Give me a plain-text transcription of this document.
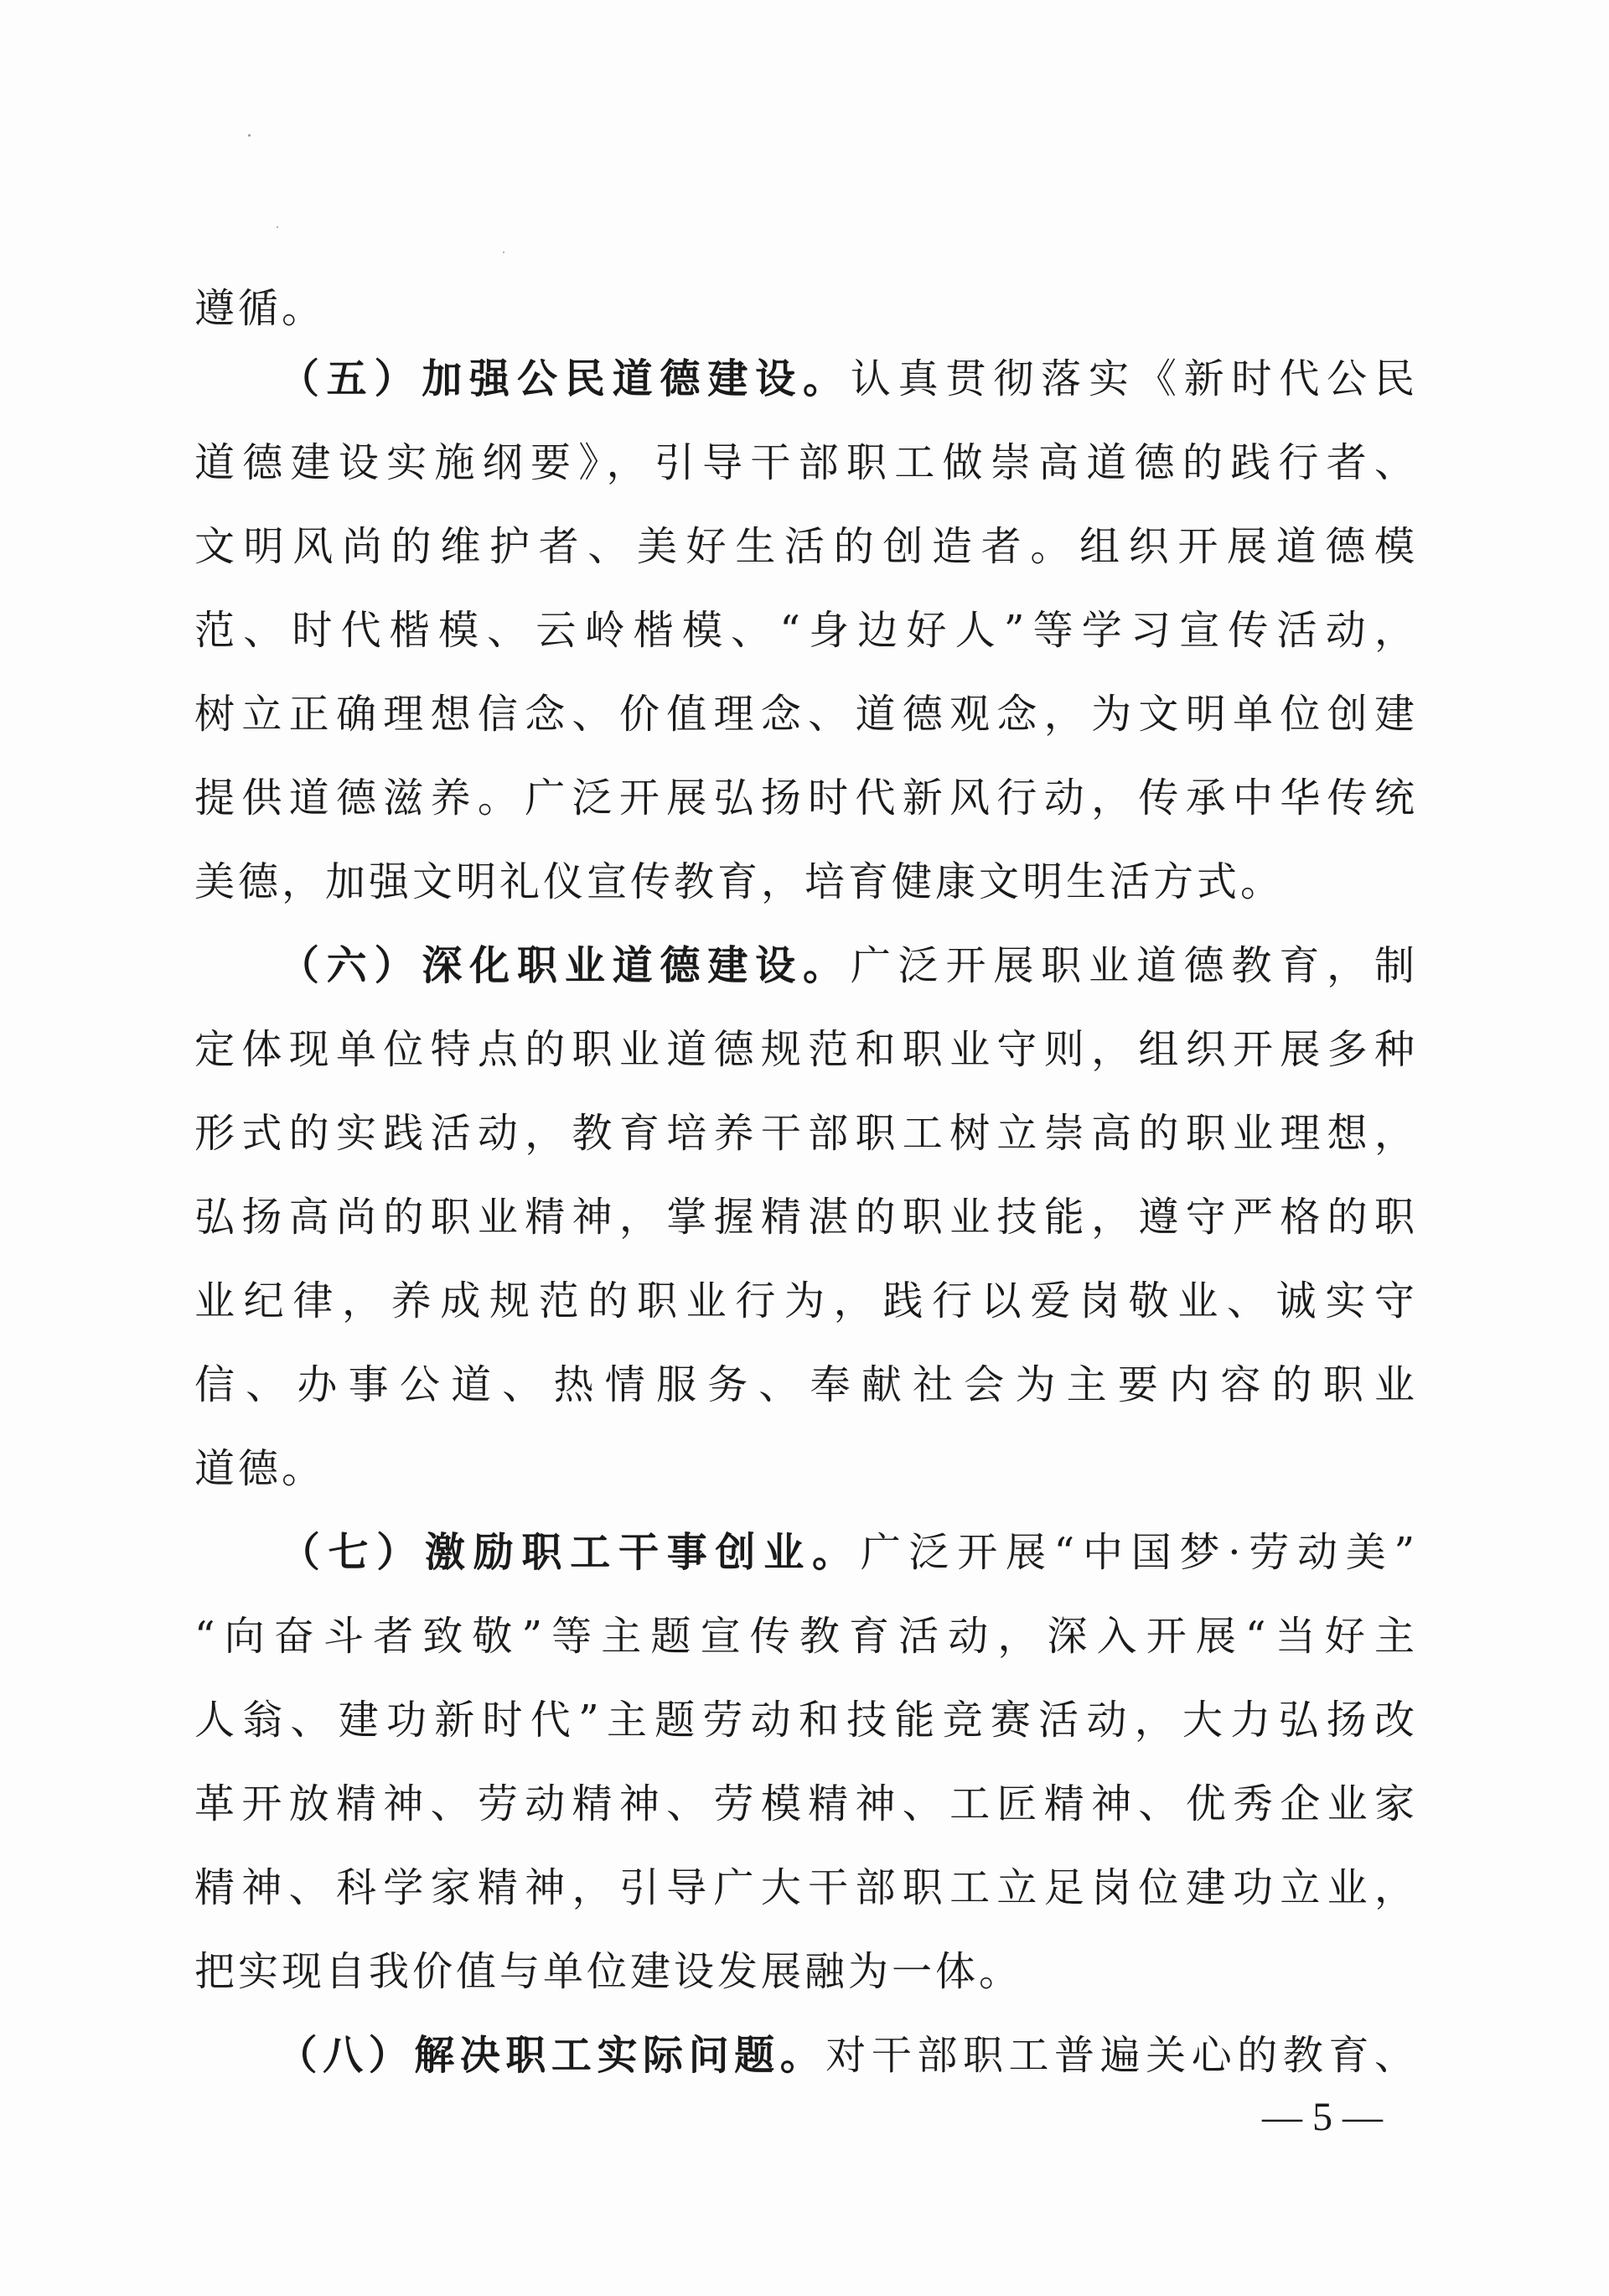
遵循。
（五）加强公民道德建设。认真贯彻落实《新时代公民
道德建设实施纲要》，引导干部职工做崇高道德的践行者、
文明风尚的维护者、美好生活的创造者。组织开展道德模
范、时代楷模、云岭楷模、“身边好人”等学习宣传活动，
树立正确理想信念、价值理念、道德观念，为文明单位创建
提供道德滋养。广泛开展弘扬时代新风行动，传承中华传统
美德，加强文明礼仪宣传教育，培育健康文明生活方式。
（六）深化职业道德建设。广泛开展职业道德教育，制
定体现单位特点的职业道德规范和职业守则，组织开展多种
形式的实践活动，教育培养干部职工树立崇高的职业理想，
弘扬高尚的职业精神，掌握精湛的职业技能，遵守严格的职
业纪律，养成规范的职业行为，践行以爱岗敬业、诚实守
信、办事公道、热情服务、奉献社会为主要内容的职业
道德。
（七）激励职工干事创业。广泛开展“中国梦·劳动美”
“向奋斗者致敬”等主题宣传教育活动，深入开展“当好主
人翁、建功新时代”主题劳动和技能竞赛活动，大力弘扬改
革开放精神、劳动精神、劳模精神、工匠精神、优秀企业家
精神、科学家精神，引导广大干部职工立足岗位建功立业，
把实现自我价值与单位建设发展融为一体。
（八）解决职工实际问题。对干部职工普遍关心的教育、
— 5 —
